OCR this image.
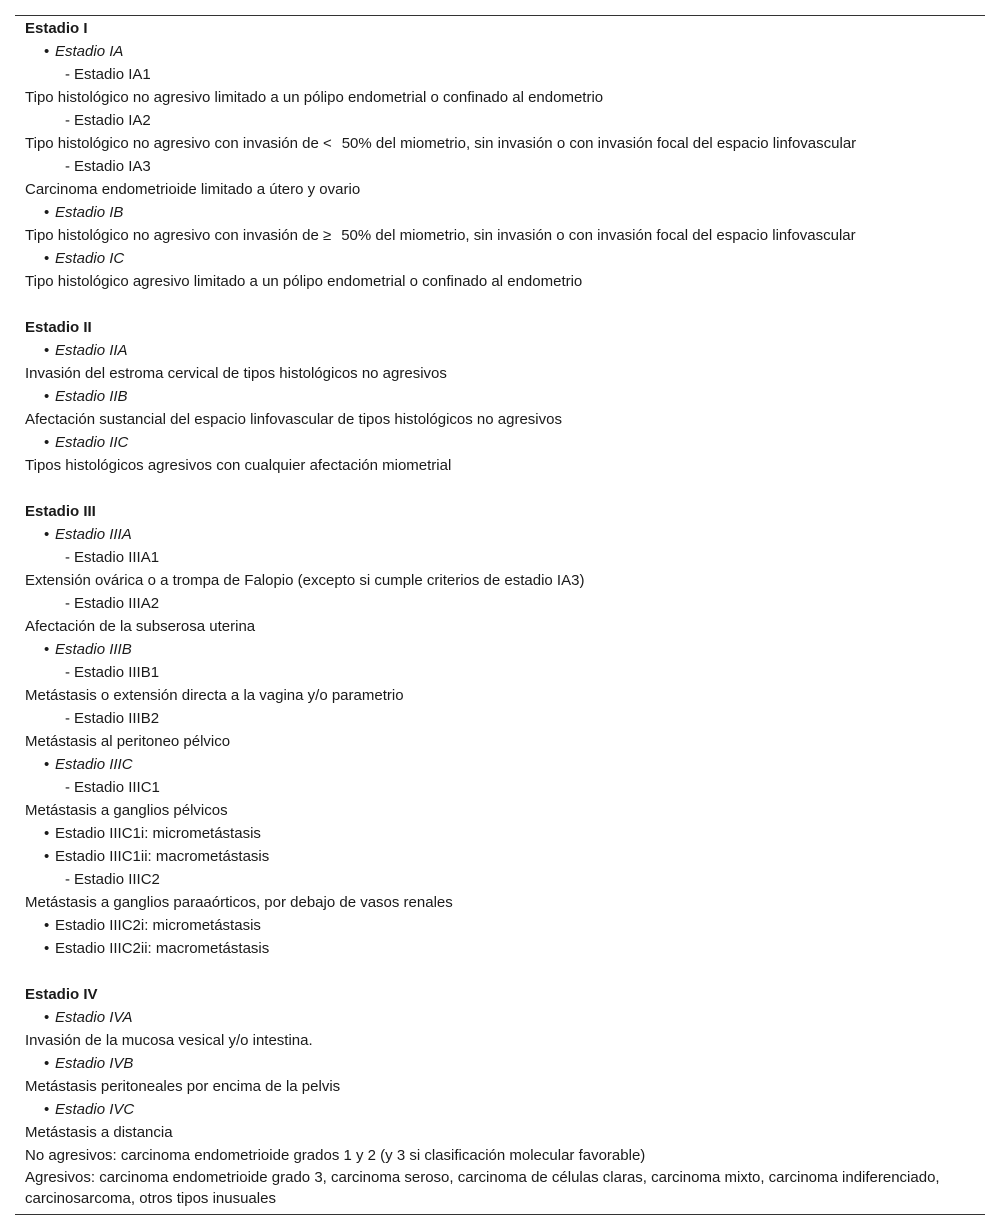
Estadio I
• Estadio IA
- Estadio IA1
Tipo histológico no agresivo limitado a un pólipo endometrial o confinado al endometrio
- Estadio IA2
Tipo histológico no agresivo con invasión de < 50% del miometrio, sin invasión o con invasión focal del espacio linfovascular
- Estadio IA3
Carcinoma endometrioide limitado a útero y ovario
• Estadio IB
Tipo histológico no agresivo con invasión de ≥ 50% del miometrio, sin invasión o con invasión focal del espacio linfovascular
• Estadio IC
Tipo histológico agresivo limitado a un pólipo endometrial o confinado al endometrio
Estadio II
• Estadio IIA
Invasión del estroma cervical de tipos histológicos no agresivos
• Estadio IIB
Afectación sustancial del espacio linfovascular de tipos histológicos no agresivos
• Estadio IIC
Tipos histológicos agresivos con cualquier afectación miometrial
Estadio III
• Estadio IIIA
- Estadio IIIA1
Extensión ovárica o a trompa de Falopio (excepto si cumple criterios de estadio IA3)
- Estadio IIIA2
Afectación de la subserosa uterina
• Estadio IIIB
- Estadio IIIB1
Metástasis o extensión directa a la vagina y/o parametrio
- Estadio IIIB2
Metástasis al peritoneo pélvico
• Estadio IIIC
- Estadio IIIC1
Metástasis a ganglios pélvicos
• Estadio IIIC1i: micrometástasis
• Estadio IIIC1ii: macrometástasis
- Estadio IIIC2
Metástasis a ganglios paraaórticos, por debajo de vasos renales
• Estadio IIIC2i: micrometástasis
• Estadio IIIC2ii: macrometástasis
Estadio IV
• Estadio IVA
Invasión de la mucosa vesical y/o intestina.
• Estadio IVB
Metástasis peritoneales por encima de la pelvis
• Estadio IVC
Metástasis a distancia
No agresivos: carcinoma endometrioide grados 1 y 2 (y 3 si clasificación molecular favorable)
Agresivos: carcinoma endometrioide grado 3, carcinoma seroso, carcinoma de células claras, carcinoma mixto, carcinoma indiferenciado, carcinosarcoma, otros tipos inusuales
